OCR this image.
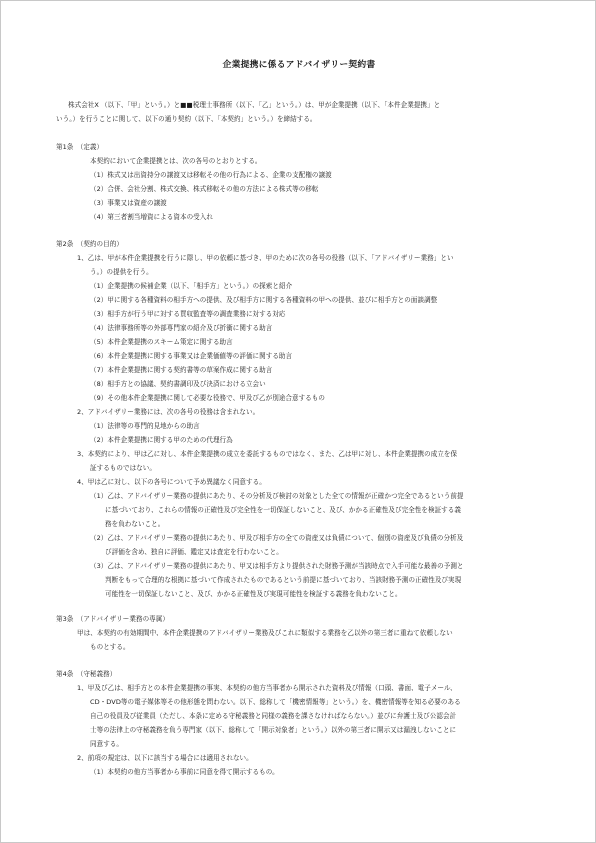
企業提携に係るアドバイザリー契約書
株式会社X （以下、「甲」という。）と■■税理士事務所（以下、「乙」という。）は、甲が企業提携（以下、「本件企業提携」と
いう。）を行うことに関して、以下の通り契約（以下、「本契約」という。）を締結する。
第1条　（定義）
本契約において企業提携とは、次の各号のとおりとする。
（1）株式又は出資持分の譲渡又は移転その他の行為による、企業の支配権の譲渡
（2）合併、会社分割、株式交換、株式移転その他の方法による株式等の移転
（3）事業又は資産の譲渡
（4）第三者割当増資による資本の受入れ
第2条　（契約の目的）
1、乙は、甲が本件企業提携を行うに際し、甲の依頼に基づき、甲のために次の各号の役務（以下、「アドバイザリー業務」とい
う。）の提供を行う。
（1）企業提携の候補企業（以下、「相手方」という。）の探索と紹介
（2）甲に関する各種資料の相手方への提供、及び相手方に関する各種資料の甲への提供、並びに相手方との面談調整
（3）相手方が行う甲に対する買収監査等の調査業務に対する対応
（4）法律事務所等の外部専門家の紹介及び折衝に関する助言
（5）本件企業提携のスキーム策定に関する助言
（6）本件企業提携に関する事業又は企業価値等の評価に関する助言
（7）本件企業提携に関する契約書等の草案作成に関する助言
（8）相手方との協議、契約書調印及び決済における立会い
（9）その他本件企業提携に関して必要な役務で、甲及び乙が別途合意するもの
2、アドバイザリー業務には、次の各号の役務は含まれない。
（1）法律等の専門的見地からの助言
（2）本件企業提携に関する甲のための代理行為
3、本契約により、甲は乙に対し、本件企業提携の成立を委託するものではなく、また、乙は甲に対し、本件企業提携の成立を保
証するものではない。
4、甲は乙に対し、以下の各号について予め異議なく同意する。
（1）乙は、アドバイザリー業務の提供にあたり、その分析及び検討の対象とした全ての情報が正確かつ完全であるという前提
に基づいており、これらの情報の正確性及び完全性を一切保証しないこと、及び、かかる正確性及び完全性を検証する義
務を負わないこと。
（2）乙は、アドバイザリー業務の提供にあたり、甲及び相手方の全ての資産又は負債について、個別の資産及び負債の分析及
び評価を含め、独自に評価、鑑定又は査定を行わないこと。
（3）乙は、アドバイザリー業務の提供にあたり、甲又は相手方より提供された財務予測が当該時点で入手可能な最善の予測と
判断をもって合理的な根拠に基づいて作成されたものであるという前提に基づいており、当該財務予測の正確性及び実現
可能性を一切保証しないこと、及び、かかる正確性及び実現可能性を検証する義務を負わないこと。
第3条　（アドバイザリー業務の専属）
甲は、本契約の有効期間中、本件企業提携のアドバイザリー業務及びこれに類似する業務を乙以外の第三者に重ねて依頼しない
ものとする。
第4条　（守秘義務）
1、甲及び乙は、相手方との本件企業提携の事実、本契約の他方当事者から開示された資料及び情報（口頭、書面、電子メール、
CD・DVD等の電子媒体等その他形態を問わない。以下、総称して「機密情報等」という。）を、機密情報等を知る必要のある
自己の役員及び従業員（ただし、本条に定める守秘義務と同様の義務を課さなければならない。）並びに弁護士及び公認会計
士等の法律上の守秘義務を負う専門家（以下、総称して「開示対象者」という。）以外の第三者に開示又は漏洩しないことに
同意する。
2、前項の規定は、以下に該当する場合には適用されない。
（1）本契約の他方当事者から事前に同意を得て開示するもの。
